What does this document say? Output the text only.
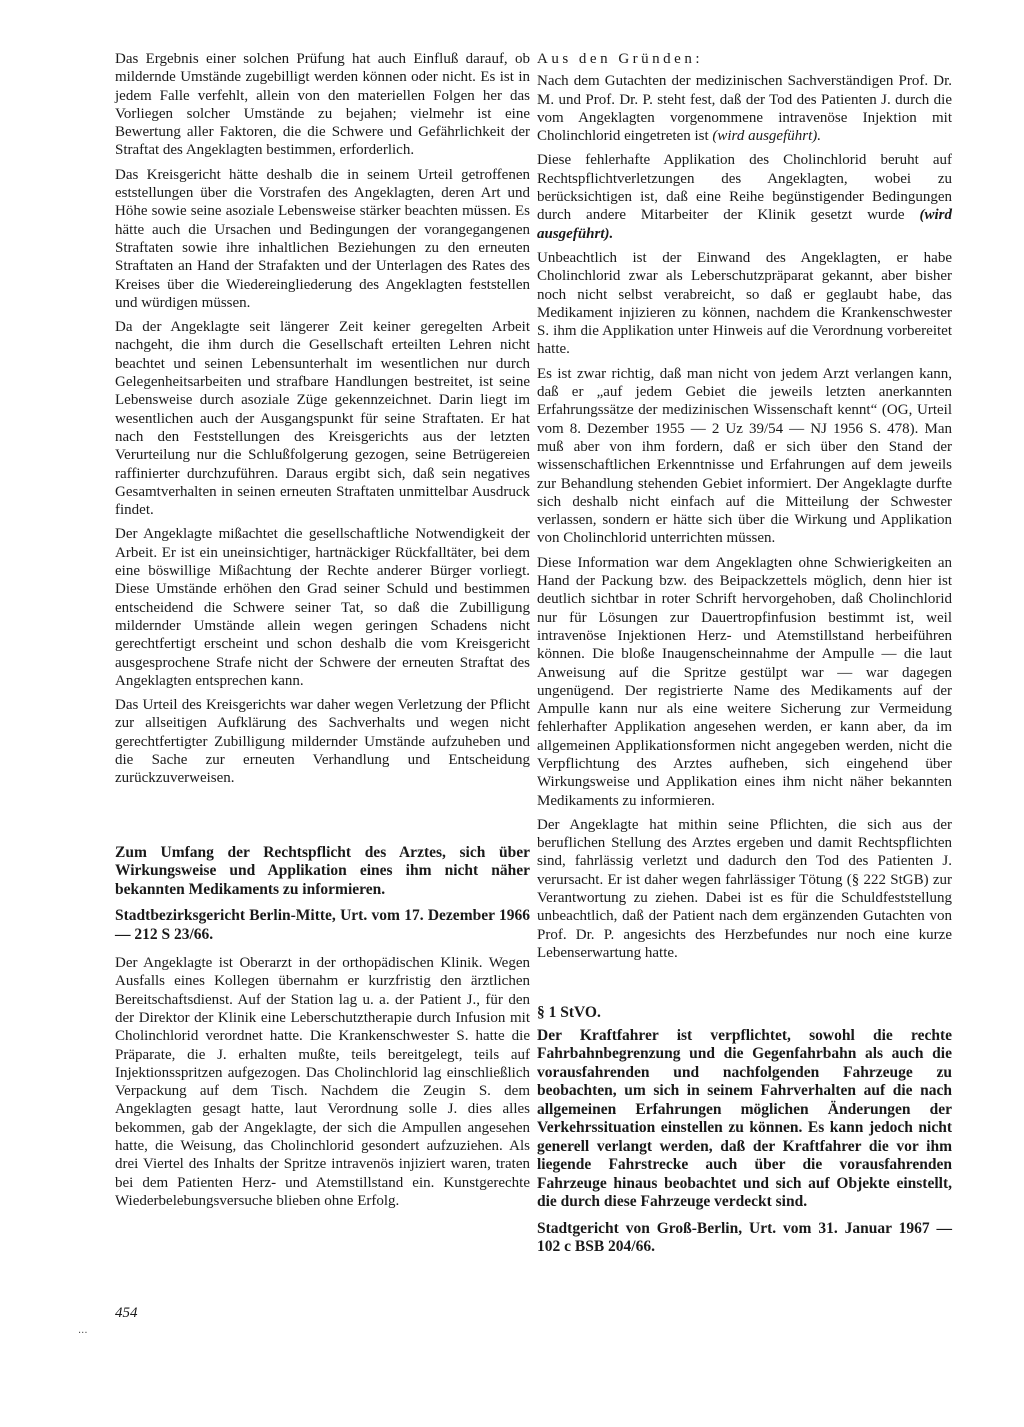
Das Ergebnis einer solchen Prüfung hat auch Einfluß darauf, ob mildernde Umstände zugebilligt werden können oder nicht. Es ist in jedem Falle verfehlt, allein von den materiellen Folgen her das Vorliegen solcher Umstände zu bejahen; vielmehr ist eine Bewertung aller Faktoren, die die Schwere und Gefährlichkeit der Straftat des Angeklagten bestimmen, erforderlich.

Das Kreisgericht hätte deshalb die in seinem Urteil getroffenen eststellungen über die Vorstrafen des Angeklagten, deren Art und Höhe sowie seine asoziale Lebensweise stärker beachten müssen. Es hätte auch die Ursachen und Bedingungen der vorangegangenen Straftaten sowie ihre inhaltlichen Beziehungen zu den erneuten Straftaten an Hand der Strafakten und der Unterlagen des Rates des Kreises über die Wiedereingliederung des Angeklagten feststellen und würdigen müssen.

Da der Angeklagte seit längerer Zeit keiner geregelten Arbeit nachgeht, die ihm durch die Gesellschaft erteilten Lehren nicht beachtet und seinen Lebensunterhalt im wesentlichen nur durch Gelegenheitsarbeiten und strafbare Handlungen bestreitet, ist seine Lebensweise durch asoziale Züge gekennzeichnet. Darin liegt im wesentlichen auch der Ausgangspunkt für seine Straftaten. Er hat nach den Feststellungen des Kreisgerichts aus der letzten Verurteilung nur die Schlußfolgerung gezogen, seine Betrügereien raffinierter durchzuführen. Daraus ergibt sich, daß sein negatives Gesamtverhalten in seinen erneuten Straftaten unmittelbar Ausdruck findet.

Der Angeklagte mißachtet die gesellschaftliche Notwendigkeit der Arbeit. Er ist ein uneinsichtiger, hartnäckiger Rückfalltäter, bei dem eine böswillige Mißachtung der Rechte anderer Bürger vorliegt. Diese Umstände erhöhen den Grad seiner Schuld und bestimmen entscheidend die Schwere seiner Tat, so daß die Zubilligung mildernder Umstände allein wegen geringen Schadens nicht gerechtfertigt erscheint und schon deshalb die vom Kreisgericht ausgesprochene Strafe nicht der Schwere der erneuten Straftat des Angeklagten entsprechen kann.

Das Urteil des Kreisgerichts war daher wegen Verletzung der Pflicht zur allseitigen Aufklärung des Sachverhalts und wegen nicht gerechtfertigter Zubilligung mildernder Umstände aufzuheben und die Sache zur erneuten Verhandlung und Entscheidung zurückzuverweisen.

Zum Umfang der Rechtspflicht des Arztes, sich über Wirkungsweise und Applikation eines ihm nicht näher bekannten Medikaments zu informieren.

Stadtbezirksgericht Berlin-Mitte, Urt. vom 17. Dezember 1966 — 212 S 23/66.

Der Angeklagte ist Oberarzt in der orthopädischen Klinik. Wegen Ausfalls eines Kollegen übernahm er kurzfristig den ärztlichen Bereitschaftsdienst. Auf der Station lag u. a. der Patient J., für den der Direktor der Klinik eine Leberschutztherapie durch Infusion mit Cholinchlorid verordnet hatte. Die Krankenschwester S. hatte die Präparate, die J. erhalten mußte, teils bereitgelegt, teils auf Injektionsspritzen aufgezogen. Das Cholinchlorid lag einschließlich Verpackung auf dem Tisch. Nachdem die Zeugin S. dem Angeklagten gesagt hatte, laut Verordnung solle J. dies alles bekommen, gab der Angeklagte, der sich die Ampullen angesehen hatte, die Weisung, das Cholinchlorid gesondert aufzuziehen. Als drei Viertel des Inhalts der Spritze intravenös injiziert waren, traten bei dem Patienten Herz- und Atemstillstand ein. Kunstgerechte Wiederbelebungsversuche blieben ohne Erfolg.

Aus den Gründen:

Nach dem Gutachten der medizinischen Sachverständigen Prof. Dr. M. und Prof. Dr. P. steht fest, daß der Tod des Patienten J. durch die vom Angeklagten vorgenommene intravenöse Injektion mit Cholinchlorid eingetreten ist (wird ausgeführt).

Diese fehlerhafte Applikation des Cholinchlorid beruht auf Rechtspflichtverletzungen des Angeklagten, wobei zu berücksichtigen ist, daß eine Reihe begünstigender Bedingungen durch andere Mitarbeiter der Klinik gesetzt wurde (wird ausgeführt).

Unbeachtlich ist der Einwand des Angeklagten, er habe Cholinchlorid zwar als Leberschutzpräparat gekannt, aber bisher noch nicht selbst verabreicht, so daß er geglaubt habe, das Medikament injizieren zu können, nachdem die Krankenschwester S. ihm die Applikation unter Hinweis auf die Verordnung vorbereitet hatte.

Es ist zwar richtig, daß man nicht von jedem Arzt verlangen kann, daß er „auf jedem Gebiet die jeweils letzten anerkannten Erfahrungssätze der medizinischen Wissenschaft kennt“ (OG, Urteil vom 8. Dezember 1955 — 2 Uz 39/54 — NJ 1956 S. 478). Man muß aber von ihm fordern, daß er sich über den Stand der wissenschaftlichen Erkenntnisse und Erfahrungen auf dem jeweils zur Behandlung stehenden Gebiet informiert. Der Angeklagte durfte sich deshalb nicht einfach auf die Mitteilung der Schwester verlassen, sondern er hätte sich über die Wirkung und Applikation von Cholinchlorid unterrichten müssen.

Diese Information war dem Angeklagten ohne Schwierigkeiten an Hand der Packung bzw. des Beipackzettels möglich, denn hier ist deutlich sichtbar in roter Schrift hervorgehoben, daß Cholinchlorid nur für Lösungen zur Dauertropfinfusion bestimmt ist, weil intravenöse Injektionen Herz- und Atemstillstand herbeiführen können. Die bloße Inaugenscheinnahme der Ampulle — die laut Anweisung auf die Spritze gestülpt war — war dagegen ungenügend. Der registrierte Name des Medikaments auf der Ampulle kann nur als eine weitere Sicherung zur Vermeidung fehlerhafter Applikation angesehen werden, er kann aber, da im allgemeinen Applikationsformen nicht angegeben werden, nicht die Verpflichtung des Arztes aufheben, sich eingehend über Wirkungsweise und Applikation eines ihm nicht näher bekannten Medikaments zu informieren.

Der Angeklagte hat mithin seine Pflichten, die sich aus der beruflichen Stellung des Arztes ergeben und damit Rechtspflichten sind, fahrlässig verletzt und dadurch den Tod des Patienten J. verursacht. Er ist daher wegen fahrlässiger Tötung (§ 222 StGB) zur Verantwortung zu ziehen. Dabei ist es für die Schuldfeststellung unbeachtlich, daß der Patient nach dem ergänzenden Gutachten von Prof. Dr. P. angesichts des Herzbefundes nur noch eine kurze Lebenserwartung hatte.

§ 1 StVO.

Der Kraftfahrer ist verpflichtet, sowohl die rechte Fahrbahnbegrenzung und die Gegenfahrbahn als auch die vorausfahrenden und nachfolgenden Fahrzeuge zu beobachten, um sich in seinem Fahrverhalten auf die nach allgemeinen Erfahrungen möglichen Änderungen der Verkehrssituation einstellen zu können. Es kann jedoch nicht generell verlangt werden, daß der Kraftfahrer die vor ihm liegende Fahrstrecke auch über die vorausfahrenden Fahrzeuge hinaus beobachtet und sich auf Objekte einstellt, die durch diese Fahrzeuge verdeckt sind.

Stadtgericht von Groß-Berlin, Urt. vom 31. Januar 1967 — 102 c BSB 204/66.

454
...
